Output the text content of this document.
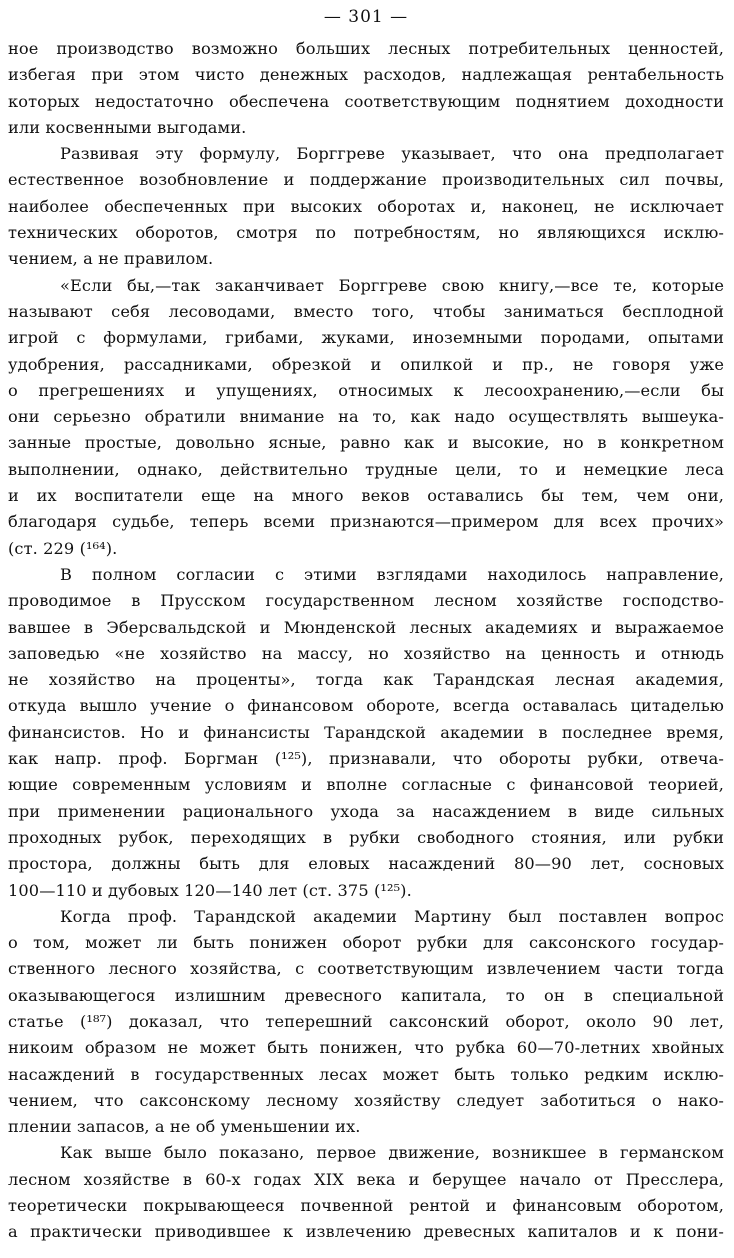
— 301 —
ное производство возможно больших лесных потребительных ценностей,
избегая при этом чисто денежных расходов, надлежащая рентабельность
которых недостаточно обеспечена соответствующим поднятием доходности
или косвенными выгодами.
Развивая эту формулу, Борггреве указывает, что она предполагает
естественное возобновление и поддержание производительных сил почвы,
наиболее обеспеченных при высоких оборотах и, наконец, не исключает
технических оборотов, смотря по потребностям, но являющихся исклю-
чением, а не правилом.
«Если бы,—так заканчивает Борггреве свою книгу,—все те, которые
называют себя лесоводами, вместо того, чтобы заниматься бесплодной
игрой с формулами, грибами, жуками, иноземными породами, опытами
удобрения, рассадниками, обрезкой и опилкой и пр., не говоря уже
о прегрешениях и упущениях, относимых к лесоохранению,—если бы
они серьезно обратили внимание на то, как надо осуществлять вышеука-
занные простые, довольно ясные, равно как и высокие, но в конкретном
выполнении, однако, действительно трудные цели, то и немецкие леса
и их воспитатели еще на много веков оставались бы тем, чем они,
благодаря судьбе, теперь всеми признаются—примером для всех прочих»
(ст. 229 (¹⁶⁴).
В полном согласии с этими взглядами находилось направление,
проводимое в Прусском государственном лесном хозяйстве господство-
вавшее в Эберсвальдской и Мюнденской лесных академиях и выражаемое
заповедью «не хозяйство на массу, но хозяйство на ценность и отнюдь
не хозяйство на проценты», тогда как Тарандская лесная академия,
откуда вышло учение о финансовом обороте, всегда оставалась цитаделью
финансистов. Но и финансисты Тарандской академии в последнее время,
как напр. проф. Боргман (¹²⁵), признавали, что обороты рубки, отвеча-
ющие современным условиям и вполне согласные с финансовой теорией,
при применении рационального ухода за насаждением в виде сильных
проходных рубок, переходящих в рубки свободного стояния, или рубки
простора, должны быть для еловых насаждений 80—90 лет, сосновых
100—110 и дубовых 120—140 лет (ст. 375 (¹²⁵).
Когда проф. Тарандской академии Мартину был поставлен вопрос
о том, может ли быть понижен оборот рубки для саксонского государ-
ственного лесного хозяйства, с соответствующим извлечением части тогда
оказывающегося излишним древесного капитала, то он в специальной
статье (¹⁸⁷) доказал, что теперешний саксонский оборот, около 90 лет,
никоим образом не может быть понижен, что рубка 60—70-летних хвойных
насаждений в государственных лесах может быть только редким исклю-
чением, что саксонскому лесному хозяйству следует заботиться о нако-
плении запасов, а не об уменьшении их.
Как выше было показано, первое движение, возникшее в германском
лесном хозяйстве в 60-х годах XIX века и берущее начало от Пресслера,
теоретически покрывающееся почвенной рентой и финансовым оборотом,
а практически приводившее к извлечению древесных капиталов и к пони-
